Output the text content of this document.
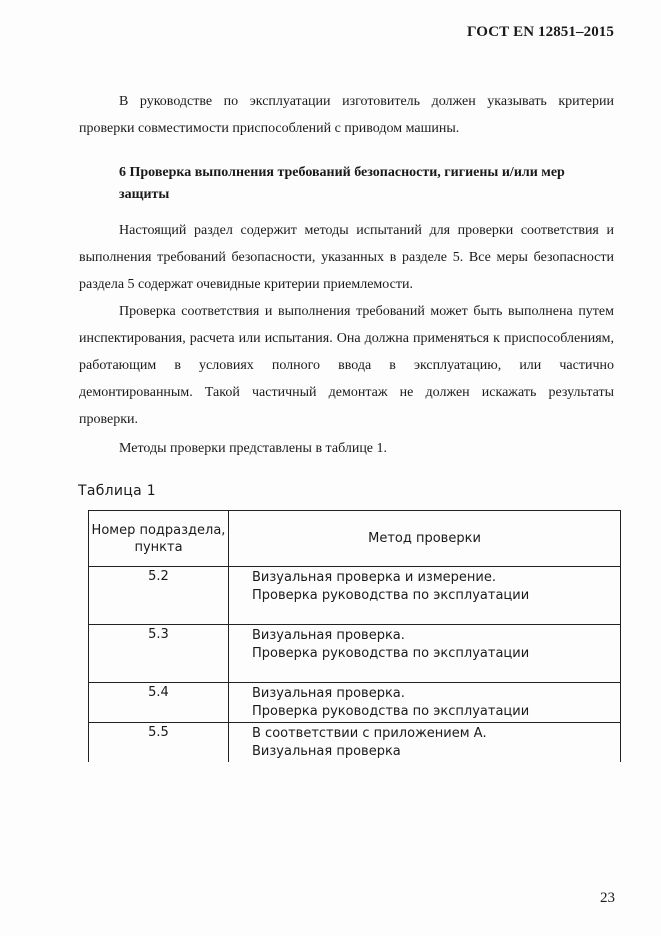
ГОСТ EN 12851–2015
В руководстве по эксплуатации изготовитель должен указывать критерии проверки совместимости приспособлений с приводом машины.
6 Проверка выполнения требований безопасности, гигиены и/или мер защиты
Настоящий раздел содержит методы испытаний для проверки соответствия и выполнения требований безопасности, указанных в разделе 5. Все меры безопасности раздела 5 содержат очевидные критерии приемлемости.
Проверка соответствия и выполнения требований может быть выполнена путем инспектирования, расчета или испытания. Она должна применяться к приспособлениям, работающим в условиях полного ввода в эксплуатацию, или частично демонтированным. Такой частичный демонтаж не должен искажать результаты проверки.
Методы проверки представлены в таблице 1.
Таблица 1
Номер подраздела, пункта	Метод проверки
5.2	Визуальная проверка и измерение.
Проверка руководства по эксплуатации

5.3	Визуальная проверка.
Проверка руководства по эксплуатации

5.4	Визуальная проверка.
Проверка руководства по эксплуатации

5.5	В соответствии с приложением А.
Визуальная проверка
23
